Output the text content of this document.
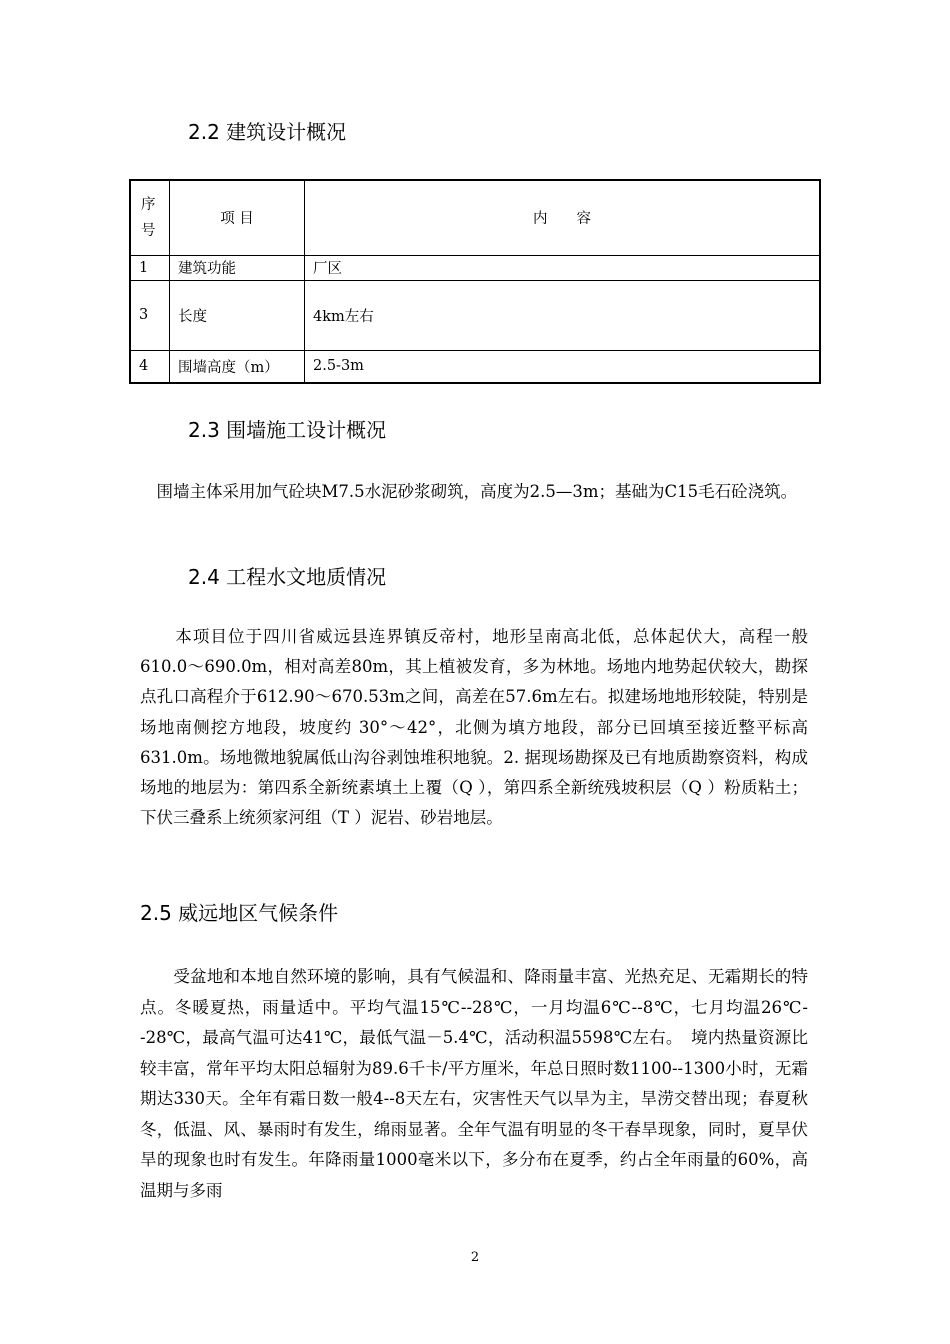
2.2 建筑设计概况
序号	项 目	内　　容
1	建筑功能	厂区
3	长度	4km左右
4	围墙高度（m）	2.5-3m
2.3 围墙施工设计概况

　围墙主体采用加气砼块M7.5水泥砂浆砌筑，高度为2.5—3m；基础为C15毛石砼浇筑。

2.4 工程水文地质情况

　　本项目位于四川省威远县连界镇反帝村，地形呈南高北低，总体起伏大，高程一般610.0～690.0m，相对高差80m，其上植被发育，多为林地。场地内地势起伏较大，勘探点孔口高程介于612.90～670.53m之间，高差在57.6m左右。拟建场地地形较陡，特别是场地南侧挖方地段，坡度约 30°～42°，北侧为填方地段，部分已回填至接近整平标高631.0m。场地微地貌属低山沟谷剥蚀堆积地貌。2. 据现场勘探及已有地质勘察资料，构成场地的地层为：第四系全新统素填土上覆（Q ），第四系全新统残坡积层（Q ）粉质粘土；下伏三叠系上统须家河组（T ）泥岩、砂岩地层。

2.5 威远地区气候条件

　　受盆地和本地自然环境的影响，具有气候温和、降雨量丰富、光热充足、无霜期长的特点。冬暖夏热，雨量适中。平均气温15℃--28℃，一月均温6℃--8℃，七月均温26℃--28℃，最高气温可达41℃，最低气温－5.4℃，活动积温5598℃左右。　境内热量资源比较丰富，常年平均太阳总辐射为89.6千卡/平方厘米，年总日照时数1100--1300小时，无霜期达330天。全年有霜日数一般4--8天左右，灾害性天气以旱为主，旱涝交替出现；春夏秋冬，低温、风、暴雨时有发生，绵雨显著。全年气温有明显的冬干春旱现象，同时，夏旱伏旱的现象也时有发生。年降雨量1000毫米以下，多分布在夏季，约占全年雨量的60%，高温期与多雨

2
